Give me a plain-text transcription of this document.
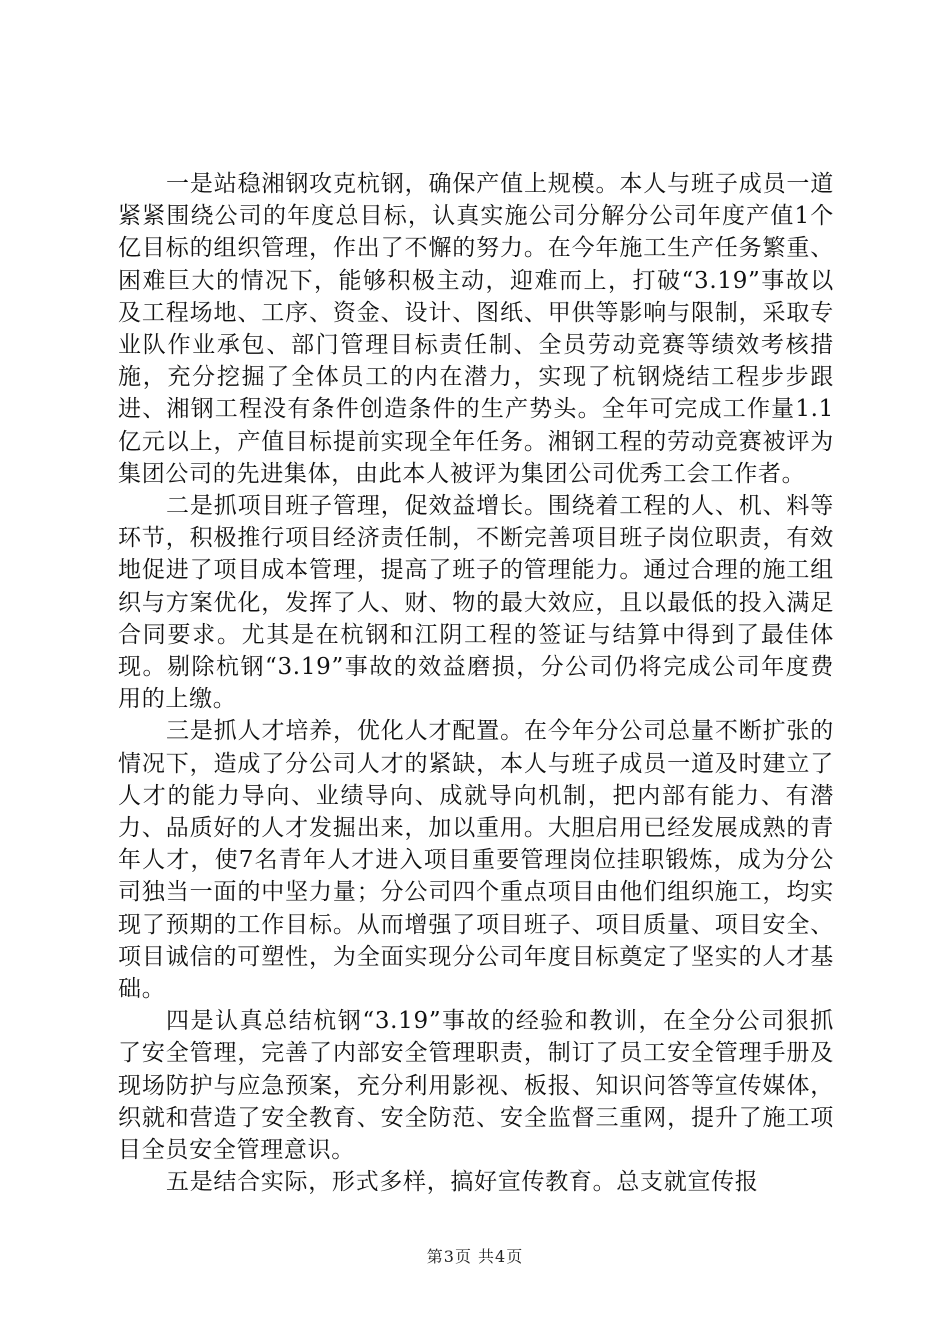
一是站稳湘钢攻克杭钢，确保产值上规模。本人与班子成员一道紧紧围绕公司的年度总目标，认真实施公司分解分公司年度产值1个亿目标的组织管理，作出了不懈的努力。在今年施工生产任务繁重、困难巨大的情况下，能够积极主动，迎难而上，打破“3.19”事故以及工程场地、工序、资金、设计、图纸、甲供等影响与限制，采取专业队作业承包、部门管理目标责任制、全员劳动竞赛等绩效考核措施，充分挖掘了全体员工的内在潜力，实现了杭钢烧结工程步步跟进、湘钢工程没有条件创造条件的生产势头。全年可完成工作量1.1亿元以上，产值目标提前实现全年任务。湘钢工程的劳动竞赛被评为集团公司的先进集体，由此本人被评为集团公司优秀工会工作者。

二是抓项目班子管理，促效益增长。围绕着工程的人、机、料等环节，积极推行项目经济责任制，不断完善项目班子岗位职责，有效地促进了项目成本管理，提高了班子的管理能力。通过合理的施工组织与方案优化，发挥了人、财、物的最大效应，且以最低的投入满足合同要求。尤其是在杭钢和江阴工程的签证与结算中得到了最佳体现。剔除杭钢“3.19”事故的效益磨损，分公司仍将完成公司年度费用的上缴。

三是抓人才培养，优化人才配置。在今年分公司总量不断扩张的情况下，造成了分公司人才的紧缺，本人与班子成员一道及时建立了人才的能力导向、业绩导向、成就导向机制，把内部有能力、有潜力、品质好的人才发掘出来，加以重用。大胆启用已经发展成熟的青年人才，使7名青年人才进入项目重要管理岗位挂职锻炼，成为分公司独当一面的中坚力量；分公司四个重点项目由他们组织施工，均实现了预期的工作目标。从而增强了项目班子、项目质量、项目安全、项目诚信的可塑性，为全面实现分公司年度目标奠定了坚实的人才基础。

四是认真总结杭钢“3.19”事故的经验和教训，在全分公司狠抓了安全管理，完善了内部安全管理职责，制订了员工安全管理手册及现场防护与应急预案，充分利用影视、板报、知识问答等宣传媒体，织就和营造了安全教育、安全防范、安全监督三重网，提升了施工项目全员安全管理意识。

五是结合实际，形式多样，搞好宣传教育。总支就宣传报

第3页 共4页
